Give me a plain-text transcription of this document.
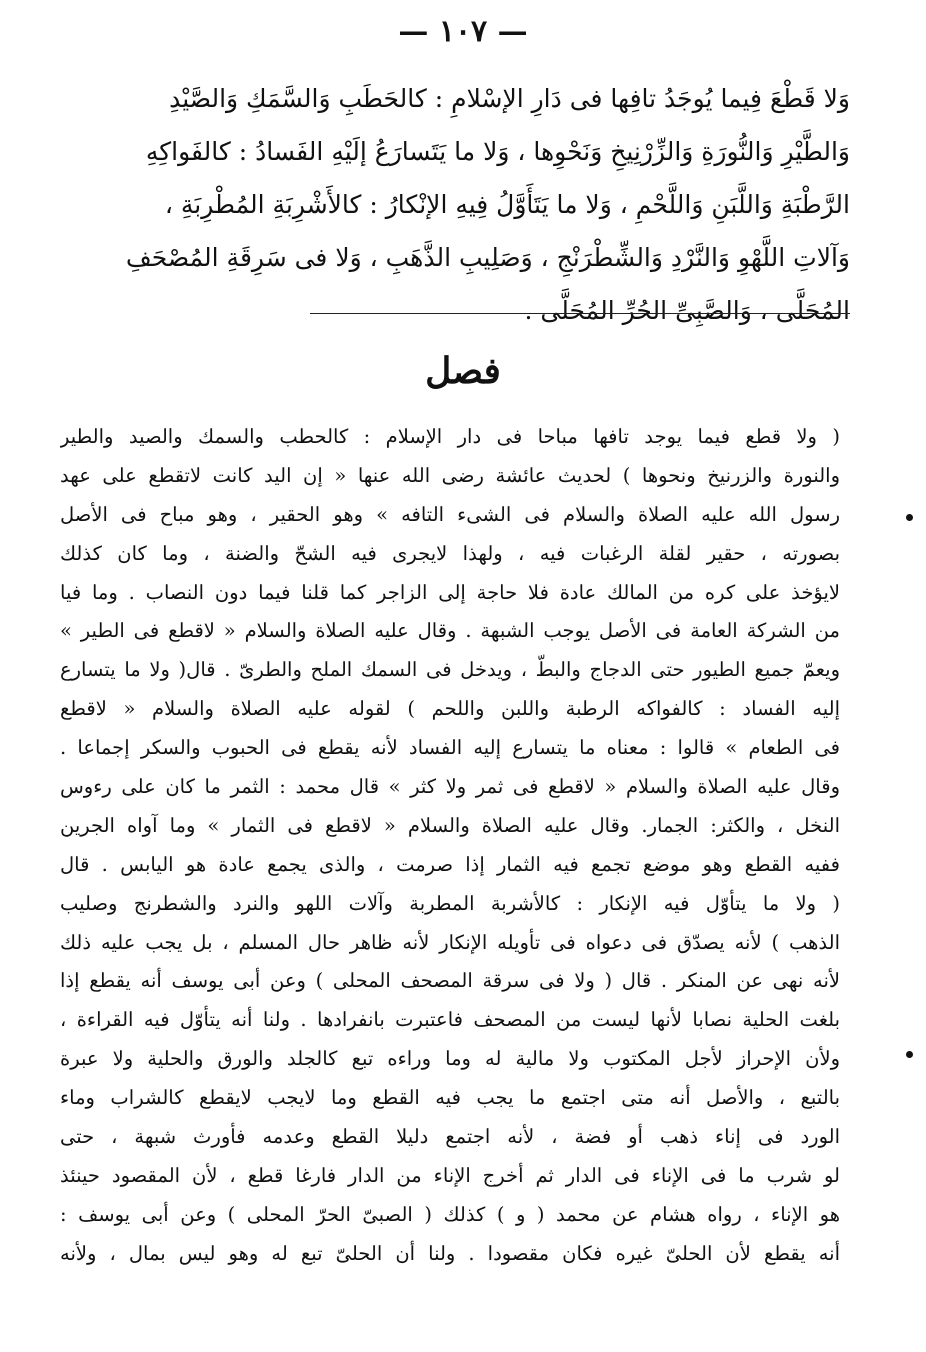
— ١٠٧ —
وَلا قَطْعَ فِيما يُوجَدُ تافِها فى دَارِ الإسْلامِ : كالحَطَبِ وَالسَّمَكِ وَالصَّيْدِ
وَالطَّيْرِ وَالنُّورَةِ وَالزِّرْنِيخِ وَنَحْوِها ، وَلا ما يَتَسارَعُ إلَيْهِ الفَسادُ : كالفَواكِهِ
الرَّطْبَةِ وَاللَّبَنِ وَاللَّحْمِ ، وَلا ما يَتَأَوَّلُ فِيهِ الإنْكارُ : كالأَشْرِبَةِ المُطْرِبَةِ ،
وَآلاتِ اللَّهْوِ وَالنَّرْدِ وَالشِّطْرَنْجِ ، وَصَلِيبِ الذَّهَبِ ، وَلا فى سَرِقَةِ المُصْحَفِ
المُحَلَّى ، وَالصَّبِىِّ الحُرِّ المُحَلَّى .
فصل
( ولا قطع فيما يوجد تافها مباحا فى دار الإسلام : كالحطب والسمك والصيد والطير
والنورة والزرنيخ ونحوها ) لحديث عائشة رضى الله عنها « إن اليد كانت لاتقطع على عهد
رسول الله عليه الصلاة والسلام فى الشىء التافه » وهو الحقير ، وهو مباح فى الأصل
بصورته ، حقير لقلة الرغبات فيه ، ولهذا لايجرى فيه الشحّ والضنة ، وما كان كذلك
لايؤخذ على كره من المالك عادة فلا حاجة إلى الزاجر كما قلنا فيما دون النصاب . وما فيا
من الشركة العامة فى الأصل يوجب الشبهة . وقال عليه الصلاة والسلام « لاقطع فى الطير »
ويعمّ جميع الطيور حتى الدجاج والبطّ ، ويدخل فى السمك الملح والطرىّ . قال( ولا ما يتسارع
إليه الفساد : كالفواكه الرطبة واللبن واللحم ) لقوله عليه الصلاة والسلام « لاقطع
فى الطعام » قالوا : معناه ما يتسارع إليه الفساد لأنه يقطع فى الحبوب والسكر إجماعا .
وقال عليه الصلاة والسلام « لاقطع فى ثمر ولا كثر » قال محمد : الثمر ما كان على رءوس
النخل ، والكثر: الجمار. وقال عليه الصلاة والسلام « لاقطع فى الثمار » وما آواه الجرين
ففيه القطع وهو موضع تجمع فيه الثمار إذا صرمت ، والذى يجمع عادة هو اليابس . قال
( ولا ما يتأوّل فيه الإنكار : كالأشربة المطربة وآلات اللهو والنرد والشطرنج وصليب
الذهب ) لأنه يصدّق فى دعواه فى تأويله الإنكار لأنه ظاهر حال المسلم ، بل يجب عليه ذلك
لأنه نهى عن المنكر . قال ( ولا فى سرقة المصحف المحلى ) وعن أبى يوسف أنه يقطع إذا
بلغت الحلية نصابا لأنها ليست من المصحف فاعتبرت بانفرادها . ولنا أنه يتأوّل فيه القراءة ،
ولأن الإحراز لأجل المكتوب ولا مالية له وما وراءه تبع كالجلد والورق والحلية ولا عبرة
بالتبع ، والأصل أنه متى اجتمع ما يجب فيه القطع وما لايجب لايقطع كالشراب وماء
الورد فى إناء ذهب أو فضة ، لأنه اجتمع دليلا القطع وعدمه فأورث شبهة ، حتى
لو شرب ما فى الإناء فى الدار ثم أخرج الإناء من الدار فارغا قطع ، لأن المقصود حينئذ
هو الإناء ، رواه هشام عن محمد ( و ) كذلك ( الصبىّ الحرّ المحلى ) وعن أبى يوسف :
أنه يقطع لأن الحلىّ غيره فكان مقصودا . ولنا أن الحلىّ تبع له وهو ليس بمال ، ولأنه
